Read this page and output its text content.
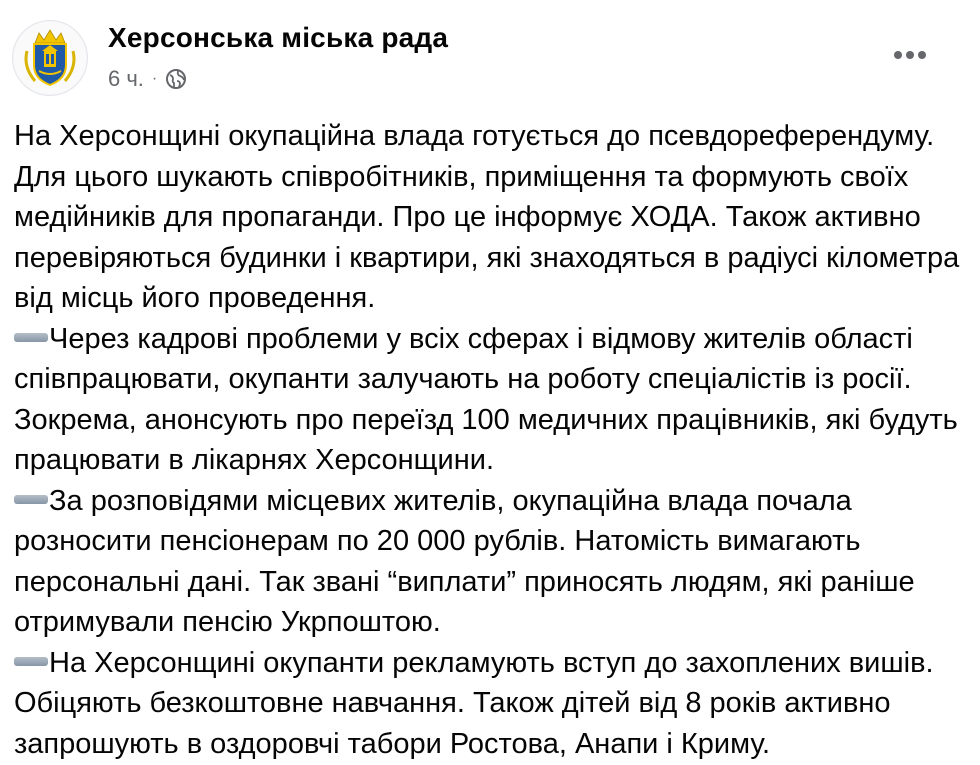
Херсонська міська рада
6 ч. ·

На Херсонщині окупаційна влада готується до псевдореферендуму. Для цього шукають співробітників, приміщення та формують своїх медійників для пропаганди. Про це інформує ХОДА. Також активно перевіряються будинки і квартири, які знаходяться в радіусі кілометра від місць його проведення.

Через кадрові проблеми у всіх сферах і відмову жителів області співпрацювати, окупанти залучають на роботу спеціалістів із росії. Зокрема, анонсують про переїзд 100 медичних працівників, які будуть працювати в лікарнях Херсонщини.

За розповідями місцевих жителів, окупаційна влада почала розносити пенсіонерам по 20 000 рублів. Натомість вимагають персональні дані. Так звані “виплати” приносять людям, які раніше отримували пенсію Укрпоштою.

На Херсонщині окупанти рекламують вступ до захоплених вишів. Обіцяють безкоштовне навчання. Також дітей від 8 років активно запрошують в оздоровчі табори Ростова, Анапи і Криму.
